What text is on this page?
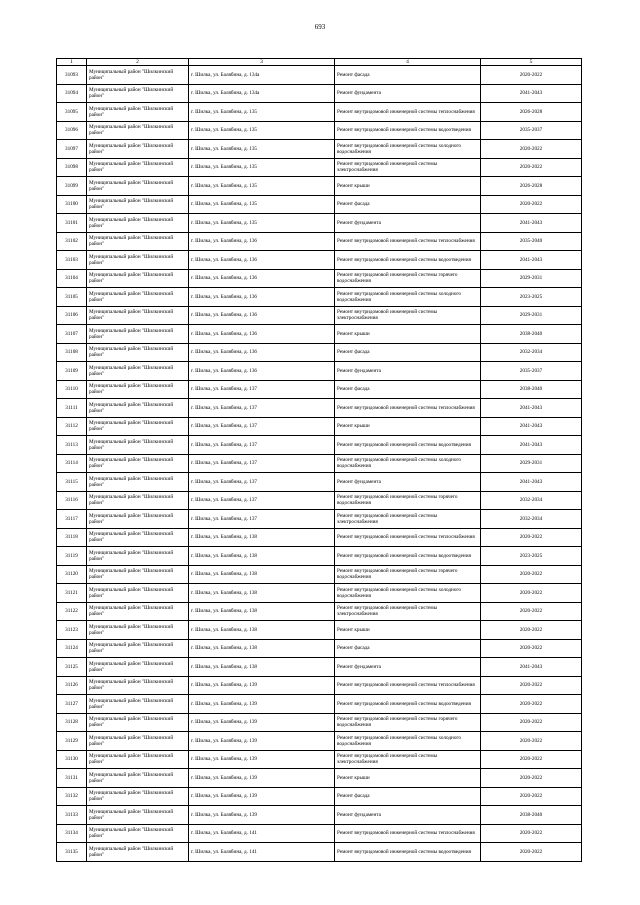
693
1	2	3	4	5
31093	Муниципальный район "Шилкинский район"	г. Шилка, ул. Балябина, д. 134а	Ремонт фасада	2020-2022
31094	Муниципальный район "Шилкинский район"	г. Шилка, ул. Балябина, д. 134а	Ремонт фундамента	2041-2043
31095	Муниципальный район "Шилкинский район"	г. Шилка, ул. Балябина, д. 135	Ремонт внутридомовой инженерной системы теплоснабжения	2026-2028
31096	Муниципальный район "Шилкинский район"	г. Шилка, ул. Балябина, д. 135	Ремонт внутридомовой инженерной системы водоотведения	2035-2037
31097	Муниципальный район "Шилкинский район"	г. Шилка, ул. Балябина, д. 135	Ремонт внутридомовой инженерной системы холодного водоснабжения	2020-2022
31098	Муниципальный район "Шилкинский район"	г. Шилка, ул. Балябина, д. 135	Ремонт внутридомовой инженерной системы электроснабжения	2020-2022
31099	Муниципальный район "Шилкинский район"	г. Шилка, ул. Балябина, д. 135	Ремонт крыши	2026-2028
31100	Муниципальный район "Шилкинский район"	г. Шилка, ул. Балябина, д. 135	Ремонт фасада	2020-2022
31101	Муниципальный район "Шилкинский район"	г. Шилка, ул. Балябина, д. 135	Ремонт фундамента	2041-2043
31102	Муниципальный район "Шилкинский район"	г. Шилка, ул. Балябина, д. 136	Ремонт внутридомовой инженерной системы теплоснабжения	2035-2040
31103	Муниципальный район "Шилкинский район"	г. Шилка, ул. Балябина, д. 136	Ремонт внутридомовой инженерной системы водоотведения	2041-2043
31104	Муниципальный район "Шилкинский район"	г. Шилка, ул. Балябина, д. 136	Ремонт внутридомовой инженерной системы горячего водоснабжения	2029-2031
31105	Муниципальный район "Шилкинский район"	г. Шилка, ул. Балябина, д. 136	Ремонт внутридомовой инженерной системы холодного водоснабжения	2023-2025
31106	Муниципальный район "Шилкинский район"	г. Шилка, ул. Балябина, д. 136	Ремонт внутридомовой инженерной системы электроснабжения	2029-2031
31107	Муниципальный район "Шилкинский район"	г. Шилка, ул. Балябина, д. 136	Ремонт крыши	2038-2040
31108	Муниципальный район "Шилкинский район"	г. Шилка, ул. Балябина, д. 136	Ремонт фасада	2032-2034
31109	Муниципальный район "Шилкинский район"	г. Шилка, ул. Балябина, д. 136	Ремонт фундамента	2035-2037
31110	Муниципальный район "Шилкинский район"	г. Шилка, ул. Балябина, д. 137	Ремонт фасада	2038-2040
31111	Муниципальный район "Шилкинский район"	г. Шилка, ул. Балябина, д. 137	Ремонт внутридомовой инженерной системы теплоснабжения	2041-2043
31112	Муниципальный район "Шилкинский район"	г. Шилка, ул. Балябина, д. 137	Ремонт крыши	2041-2043
31113	Муниципальный район "Шилкинский район"	г. Шилка, ул. Балябина, д. 137	Ремонт внутридомовой инженерной системы водоотведения	2041-2043
31114	Муниципальный район "Шилкинский район"	г. Шилка, ул. Балябина, д. 137	Ремонт внутридомовой инженерной системы холодного водоснабжения	2029-2031
31115	Муниципальный район "Шилкинский район"	г. Шилка, ул. Балябина, д. 137	Ремонт фундамента	2041-2043
31116	Муниципальный район "Шилкинский район"	г. Шилка, ул. Балябина, д. 137	Ремонт внутридомовой инженерной системы горячего водоснабжения	2032-2034
31117	Муниципальный район "Шилкинский район"	г. Шилка, ул. Балябина, д. 137	Ремонт внутридомовой инженерной системы электроснабжения	2032-2034
31118	Муниципальный район "Шилкинский район"	г. Шилка, ул. Балябина, д. 138	Ремонт внутридомовой инженерной системы теплоснабжения	2020-2022
31119	Муниципальный район "Шилкинский район"	г. Шилка, ул. Балябина, д. 138	Ремонт внутридомовой инженерной системы водоотведения	2023-2025
31120	Муниципальный район "Шилкинский район"	г. Шилка, ул. Балябина, д. 138	Ремонт внутридомовой инженерной системы горячего водоснабжения	2020-2022
31121	Муниципальный район "Шилкинский район"	г. Шилка, ул. Балябина, д. 138	Ремонт внутридомовой инженерной системы холодного водоснабжения	2020-2022
31122	Муниципальный район "Шилкинский район"	г. Шилка, ул. Балябина, д. 138	Ремонт внутридомовой инженерной системы электроснабжения	2020-2022
31123	Муниципальный район "Шилкинский район"	г. Шилка, ул. Балябина, д. 138	Ремонт крыши	2020-2022
31124	Муниципальный район "Шилкинский район"	г. Шилка, ул. Балябина, д. 138	Ремонт фасада	2020-2022
31125	Муниципальный район "Шилкинский район"	г. Шилка, ул. Балябина, д. 138	Ремонт фундамента	2041-2043
31126	Муниципальный район "Шилкинский район"	г. Шилка, ул. Балябина, д. 139	Ремонт внутридомовой инженерной системы теплоснабжения	2020-2022
31127	Муниципальный район "Шилкинский район"	г. Шилка, ул. Балябина, д. 139	Ремонт внутридомовой инженерной системы водоотведения	2020-2022
31128	Муниципальный район "Шилкинский район"	г. Шилка, ул. Балябина, д. 139	Ремонт внутридомовой инженерной системы горячего водоснабжения	2020-2022
31129	Муниципальный район "Шилкинский район"	г. Шилка, ул. Балябина, д. 139	Ремонт внутридомовой инженерной системы холодного водоснабжения	2020-2022
31130	Муниципальный район "Шилкинский район"	г. Шилка, ул. Балябина, д. 139	Ремонт внутридомовой инженерной системы электроснабжения	2020-2022
31131	Муниципальный район "Шилкинский район"	г. Шилка, ул. Балябина, д. 139	Ремонт крыши	2020-2022
31132	Муниципальный район "Шилкинский район"	г. Шилка, ул. Балябина, д. 139	Ремонт фасада	2020-2022
31133	Муниципальный район "Шилкинский район"	г. Шилка, ул. Балябина, д. 139	Ремонт фундамента	2038-2040
31134	Муниципальный район "Шилкинский район"	г. Шилка, ул. Балябина, д. 141	Ремонт внутридомовой инженерной системы теплоснабжения	2020-2022
31135	Муниципальный район "Шилкинский район"	г. Шилка, ул. Балябина, д. 141	Ремонт внутридомовой инженерной системы водоотведения	2020-2022
